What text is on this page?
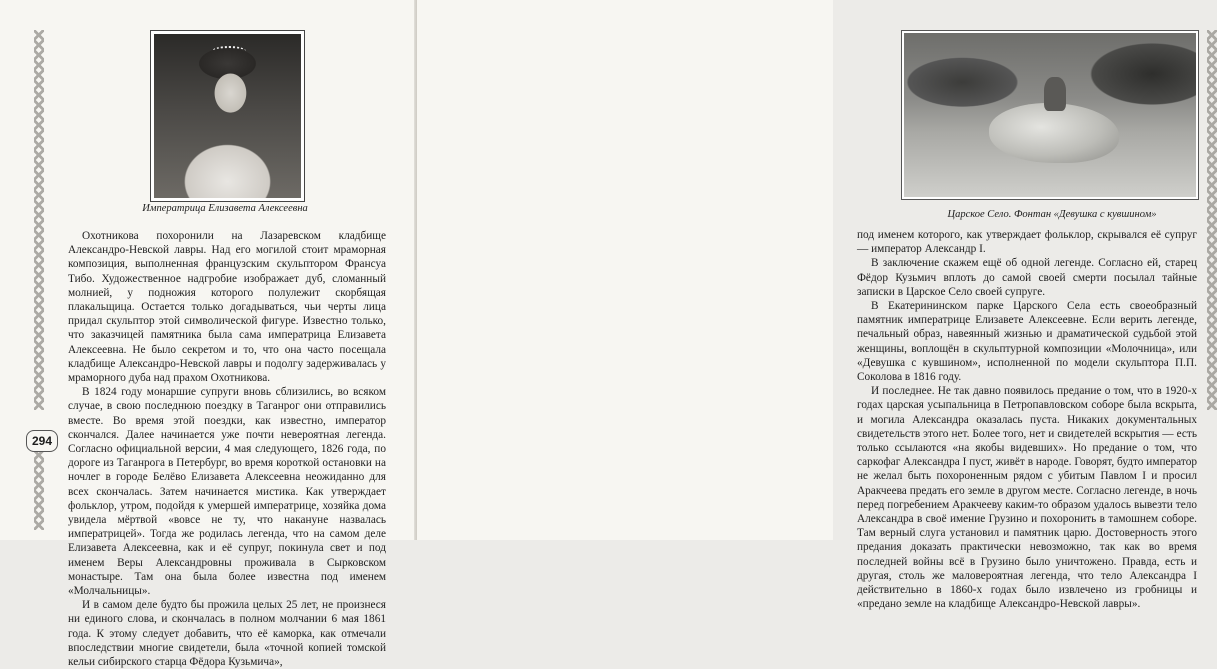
294
Императрица Елизавета Алексеевна

Охотникова похоронили на Лазаревском кладбище Александро-Невской лавры. Над его могилой стоит мраморная композиция, выполненная французским скульптором Франсуа Тибо. Художественное надгробие изображает дуб, сломанный молнией, у подножия которого полулежит скорбящая плакальщица. Остается только догадываться, чьи черты лица придал скульптор этой символической фигуре. Известно только, что заказчицей памятника была сама императрица Елизавета Алексеевна. Не было секретом и то, что она часто посещала кладбище Александро-Невской лавры и подолгу задерживалась у мраморного дуба над прахом Охотникова.

В 1824 году монаршие супруги вновь сблизились, во всяком случае, в свою последнюю поездку в Таганрог они отправились вместе. Во время этой поездки, как известно, император скончался. Далее начинается уже почти невероятная легенда. Согласно официальной версии, 4 мая следующего, 1826 года, по дороге из Таганрога в Петербург, во время короткой остановки на ночлег в городе Белёво Елизавета Алексеевна неожиданно для всех скончалась. Затем начинается мистика. Как утверждает фольклор, утром, подойдя к умершей императрице, хозяйка дома увидела мёртвой «вовсе не ту, что накануне назвалась императрицей». Тогда же родилась легенда, что на самом деле Елизавета Алексеевна, как и её супруг, покинула свет и под именем Веры Александровны проживала в Сырковском монастыре. Там она была более известна под именем «Молчальницы».

И в самом деле будто бы прожила целых 25 лет, не произнеся ни единого слова, и скончалась в полном молчании 6 мая 1861 года. К этому следует добавить, что её каморка, как отмечали впоследствии многие свидетели, была «точной копией томской кельи сибирского старца Фёдора Кузьмича»,

Царское Село. Фонтан «Девушка с кувшином»

под именем которого, как утверждает фольклор, скрывался её супруг — император Александр I.

В заключение скажем ещё об одной легенде. Согласно ей, старец Фёдор Кузьмич вплоть до самой своей смерти посылал тайные записки в Царское Село своей супруге.

В Екатерининском парке Царского Села есть своеобразный памятник императрице Елизавете Алексеевне. Если верить легенде, печальный образ, навеянный жизнью и драматической судьбой этой женщины, воплощён в скульптурной композиции «Молочница», или «Девушка с кувшином», исполненной по модели скульптора П.П. Соколова в 1816 году.

И последнее. Не так давно появилось предание о том, что в 1920-х годах царская усыпальница в Петропавловском соборе была вскрыта, и могила Александра оказалась пуста. Никаких документальных свидетельств этого нет. Более того, нет и свидетелей вскрытия — есть только ссылаются «на якобы видевших». Но предание о том, что саркофаг Александра I пуст, живёт в народе. Говорят, будто император не желал быть похороненным рядом с убитым Павлом I и просил Аракчеева предать его земле в другом месте. Согласно легенде, в ночь перед погребением Аракчееву каким-то образом удалось вывезти тело Александра в своё имение Грузино и похоронить в тамошнем соборе. Там верный слуга установил и памятник царю. Достоверность этого предания доказать практически невозможно, так как во время последней войны всё в Грузино было уничтожено. Правда, есть и другая, столь же маловероятная легенда, что тело Александра I действительно в 1860-х годах было извлечено из гробницы и «предано земле на кладбище Александро-Невской лавры».
